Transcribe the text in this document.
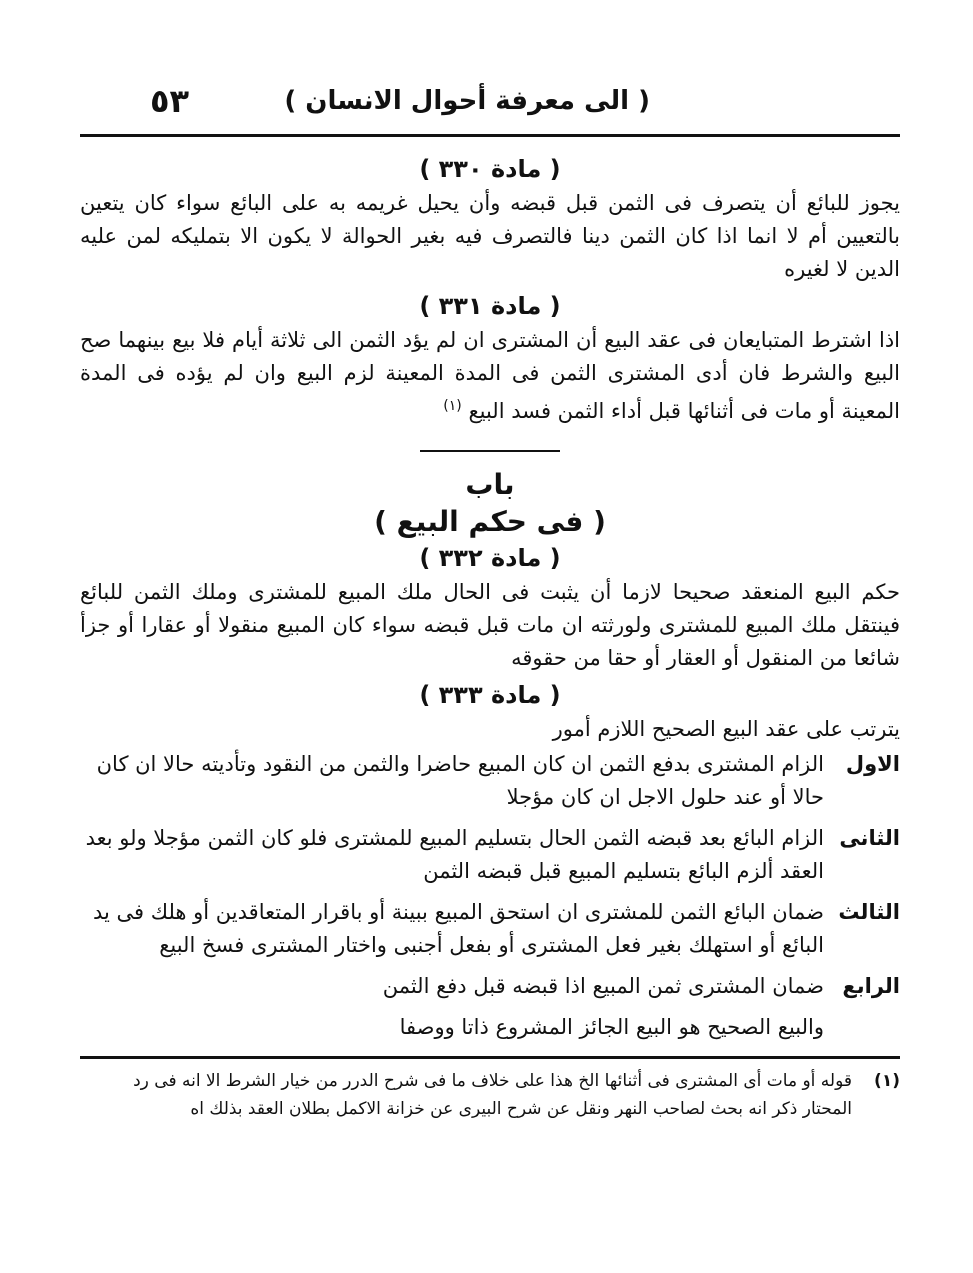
( الى معرفة أحوال الانسان )
٥٣
( مادة ٣٣٠ )

يجوز للبائع أن يتصرف فى الثمن قبل قبضه وأن يحيل غريمه به على البائع سواء كان يتعين بالتعيين أم لا انما اذا كان الثمن دينا فالتصرف فيه بغير الحوالة لا يكون الا بتمليكه لمن عليه الدين لا لغيره

( مادة ٣٣١ )

اذا اشترط المتبايعان فى عقد البيع أن المشترى ان لم يؤد الثمن الى ثلاثة أيام فلا بيع بينهما صح البيع والشرط فان أدى المشترى الثمن فى المدة المعينة لزم البيع وان لم يؤده فى المدة المعينة أو مات فى أثنائها قبل أداء الثمن فسد البيع $^{(١)}$

باب
( فى حكم البيع )
( مادة ٣٣٢ )

حكم البيع المنعقد صحيحا لازما أن يثبت فى الحال ملك المبيع للمشترى وملك الثمن للبائع فينتقل ملك المبيع للمشترى ولورثته ان مات قبل قبضه سواء كان المبيع منقولا أو عقارا أو جزأ شائعا من المنقول أو العقار أو حقا من حقوقه

( مادة ٣٣٣ )

يترتب على عقد البيع الصحيح اللازم أمور

الاول
الزام المشترى بدفع الثمن ان كان المبيع حاضرا والثمن من النقود وتأديته حالا ان كان حالا أو عند حلول الاجل ان كان مؤجلا
الثانى
الزام البائع بعد قبضه الثمن الحال بتسليم المبيع للمشترى فلو كان الثمن مؤجلا ولو بعد العقد ألزم البائع بتسليم المبيع قبل قبضه الثمن
الثالث
ضمان البائع الثمن للمشترى ان استحق المبيع ببينة أو باقرار المتعاقدين أو هلك فى يد البائع أو استهلك بغير فعل المشترى أو بفعل أجنبى واختار المشترى فسخ البيع
الرابع
ضمان المشترى ثمن المبيع اذا قبضه قبل دفع الثمن
والبيع الصحيح هو البيع الجائز المشروع ذاتا ووصفا
(١)
قوله أو مات أى المشترى فى أثنائها الخ هذا على خلاف ما فى شرح الدرر من خيار الشرط الا انه فى رد المحتار ذكر انه بحث لصاحب النهر ونقل عن شرح البيرى عن خزانة الاكمل بطلان العقد بذلك اه
